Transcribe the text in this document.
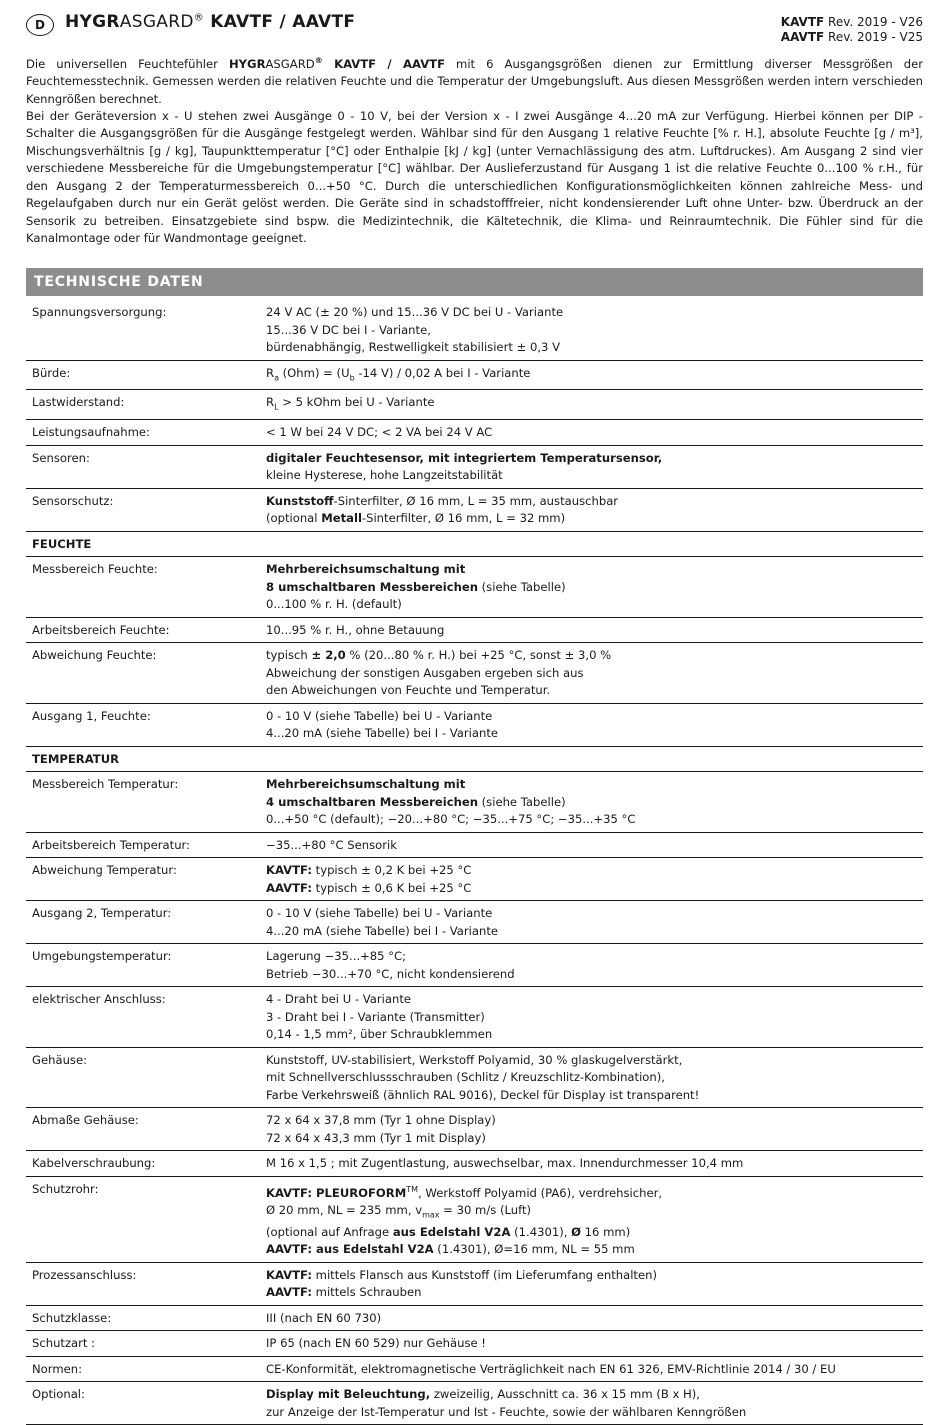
D	HYGRASGARD® KAVTF / AAVTF	KAVTF Rev. 2019 - V26
AAVTF Rev. 2019 - V25

Die universellen Feuchtefühler HYGRASGARD® KAVTF / AAVTF mit 6 Ausgangsgrößen dienen zur Ermittlung diverser Messgrößen der Feuchtemesstechnik. Gemessen werden die relativen Feuchte und die Temperatur der Umgebungsluft. Aus diesen Messgrößen werden intern verschieden Kenngrößen berechnet.

Bei der Geräteversion x - U stehen zwei Ausgänge 0 - 10 V, bei der Version x - I zwei Ausgänge 4...20 mA zur Verfügung. Hierbei können per DIP - Schalter die Ausgangsgrößen für die Ausgänge festgelegt werden. Wählbar sind für den Ausgang 1 relative Feuchte [% r. H.], absolute Feuchte [g / m³], Mischungsverhältnis [g / kg], Taupunkttemperatur [°C] oder Enthalpie [kJ / kg] (unter Vernachlässigung des atm. Luftdruckes). Am Ausgang 2 sind vier verschiedene Messbereiche für die Umgebungstemperatur [°C] wählbar. Der Auslieferzustand für Ausgang 1 ist die relative Feuchte 0...100 % r.H., für den Ausgang 2 der Temperaturmessbereich 0...+50 °C. Durch die unterschiedlichen Konfigurationsmöglichkeiten können zahlreiche Mess- und Regelaufgaben durch nur ein Gerät gelöst werden. Die Geräte sind in schadstofffreier, nicht kondensierender Luft ohne Unter- bzw. Überdruck an der Sensorik zu betreiben. Einsatzgebiete sind bspw. die Medizintechnik, die Kältetechnik, die Klima- und Reinraumtechnik. Die Fühler sind für die Kanalmontage oder für Wandmontage geeignet.

TECHNISCHE DATEN
Spannungsversorgung:	24 V AC (± 20 %) und 15...36 V DC bei U - Variante
15...36 V DC bei I - Variante,
bürdenabhängig, Restwelligkeit stabilisiert ± 0,3 V

Bürde:	$R_a$ $(Ohm) = (U_b$ -14 V) / 0,02 A bei I - Variante
Lastwiderstand:	$R_L > 5$ kOhm bei U - Variante
Leistungsaufnahme:	< 1 W bei 24 V DC; < 2 VA bei 24 V AC
Sensoren:	digitaler Feuchtesensor, mit integriertem Temperatursensor,
kleine Hysterese, hohe Langzeitstabilität

Sensorschutz:	Kunststoff-Sinterfilter, Ø 16 mm, L = 35 mm, austauschbar
(optional Metall-Sinterfilter, Ø 16 mm, L = 32 mm)

FEUCHTE	
Messbereich Feuchte:	Mehrbereichsumschaltung mit
8 umschaltbaren Messbereichen (siehe Tabelle)
0...100 % r. H. (default)

Arbeitsbereich Feuchte:	10...95 % r. H., ohne Betauung
Abweichung Feuchte:	typisch ± 2,0 % (20...80 % r. H.) bei +25 °C, sonst ± 3,0 %
Abweichung der sonstigen Ausgaben ergeben sich aus
den Abweichungen von Feuchte und Temperatur.

Ausgang 1, Feuchte:	0 - 10 V (siehe Tabelle) bei U - Variante
4...20 mA (siehe Tabelle) bei I - Variante

TEMPERATUR	
Messbereich Temperatur:	Mehrbereichsumschaltung mit
4 umschaltbaren Messbereichen (siehe Tabelle)
0...+50 °C (default); −20...+80 °C; −35...+75 °C; −35...+35 °C

Arbeitsbereich Temperatur:	−35...+80 °C Sensorik
Abweichung Temperatur:	KAVTF: typisch ± 0,2 K bei +25 °C
AAVTF: typisch ± 0,6 K bei +25 °C

Ausgang 2, Temperatur:	0 - 10 V (siehe Tabelle) bei U - Variante
4...20 mA (siehe Tabelle) bei I - Variante

Umgebungstemperatur:	Lagerung −35...+85 °C;
Betrieb −30...+70 °C, nicht kondensierend

elektrischer Anschluss:	4 - Draht bei U - Variante
3 - Draht bei I - Variante (Transmitter)
0,14 - 1,5 mm², über Schraubklemmen

Gehäuse:	Kunststoff, UV-stabilisiert, Werkstoff Polyamid, 30 % glaskugelverstärkt,
mit Schnellverschlussschrauben (Schlitz / Kreuzschlitz-Kombination),
Farbe Verkehrsweiß (ähnlich RAL 9016), Deckel für Display ist transparent!

Abmaße Gehäuse:	72 x 64 x 37,8 mm (Tyr 1 ohne Display)
72 x 64 x 43,3 mm (Tyr 1 mit Display)

Kabelverschraubung:	M 16 x 1,5 ; mit Zugentlastung, auswechselbar, max. Innendurchmesser 10,4 mm
Schutzrohr:	KAVTF: PLEUROFORM™, Werkstoff Polyamid (PA6), verdrehsicher,
Ø 20 mm, NL = 235 mm, $v_{max} = 30$ m/s (Luft)
(optional auf Anfrage aus Edelstahl V2A (1.4301), Ø 16 mm)
AAVTF: aus Edelstahl V2A (1.4301), Ø=16 mm, NL = 55 mm

Prozessanschluss:	KAVTF: mittels Flansch aus Kunststoff (im Lieferumfang enthalten)
AAVTF: mittels Schrauben

Schutzklasse:	III (nach EN 60 730)
Schutzart :	IP 65 (nach EN 60 529) nur Gehäuse !
Normen:	CE-Konformität, elektromagnetische Verträglichkeit nach EN 61 326, EMV-Richtlinie 2014 / 30 / EU
Optional:	Display mit Beleuchtung, zweizeilig, Ausschnitt ca. 36 x 15 mm (B x H),
zur Anzeige der Ist-Temperatur und Ist - Feuchte, sowie der wählbaren Kenngrößen
